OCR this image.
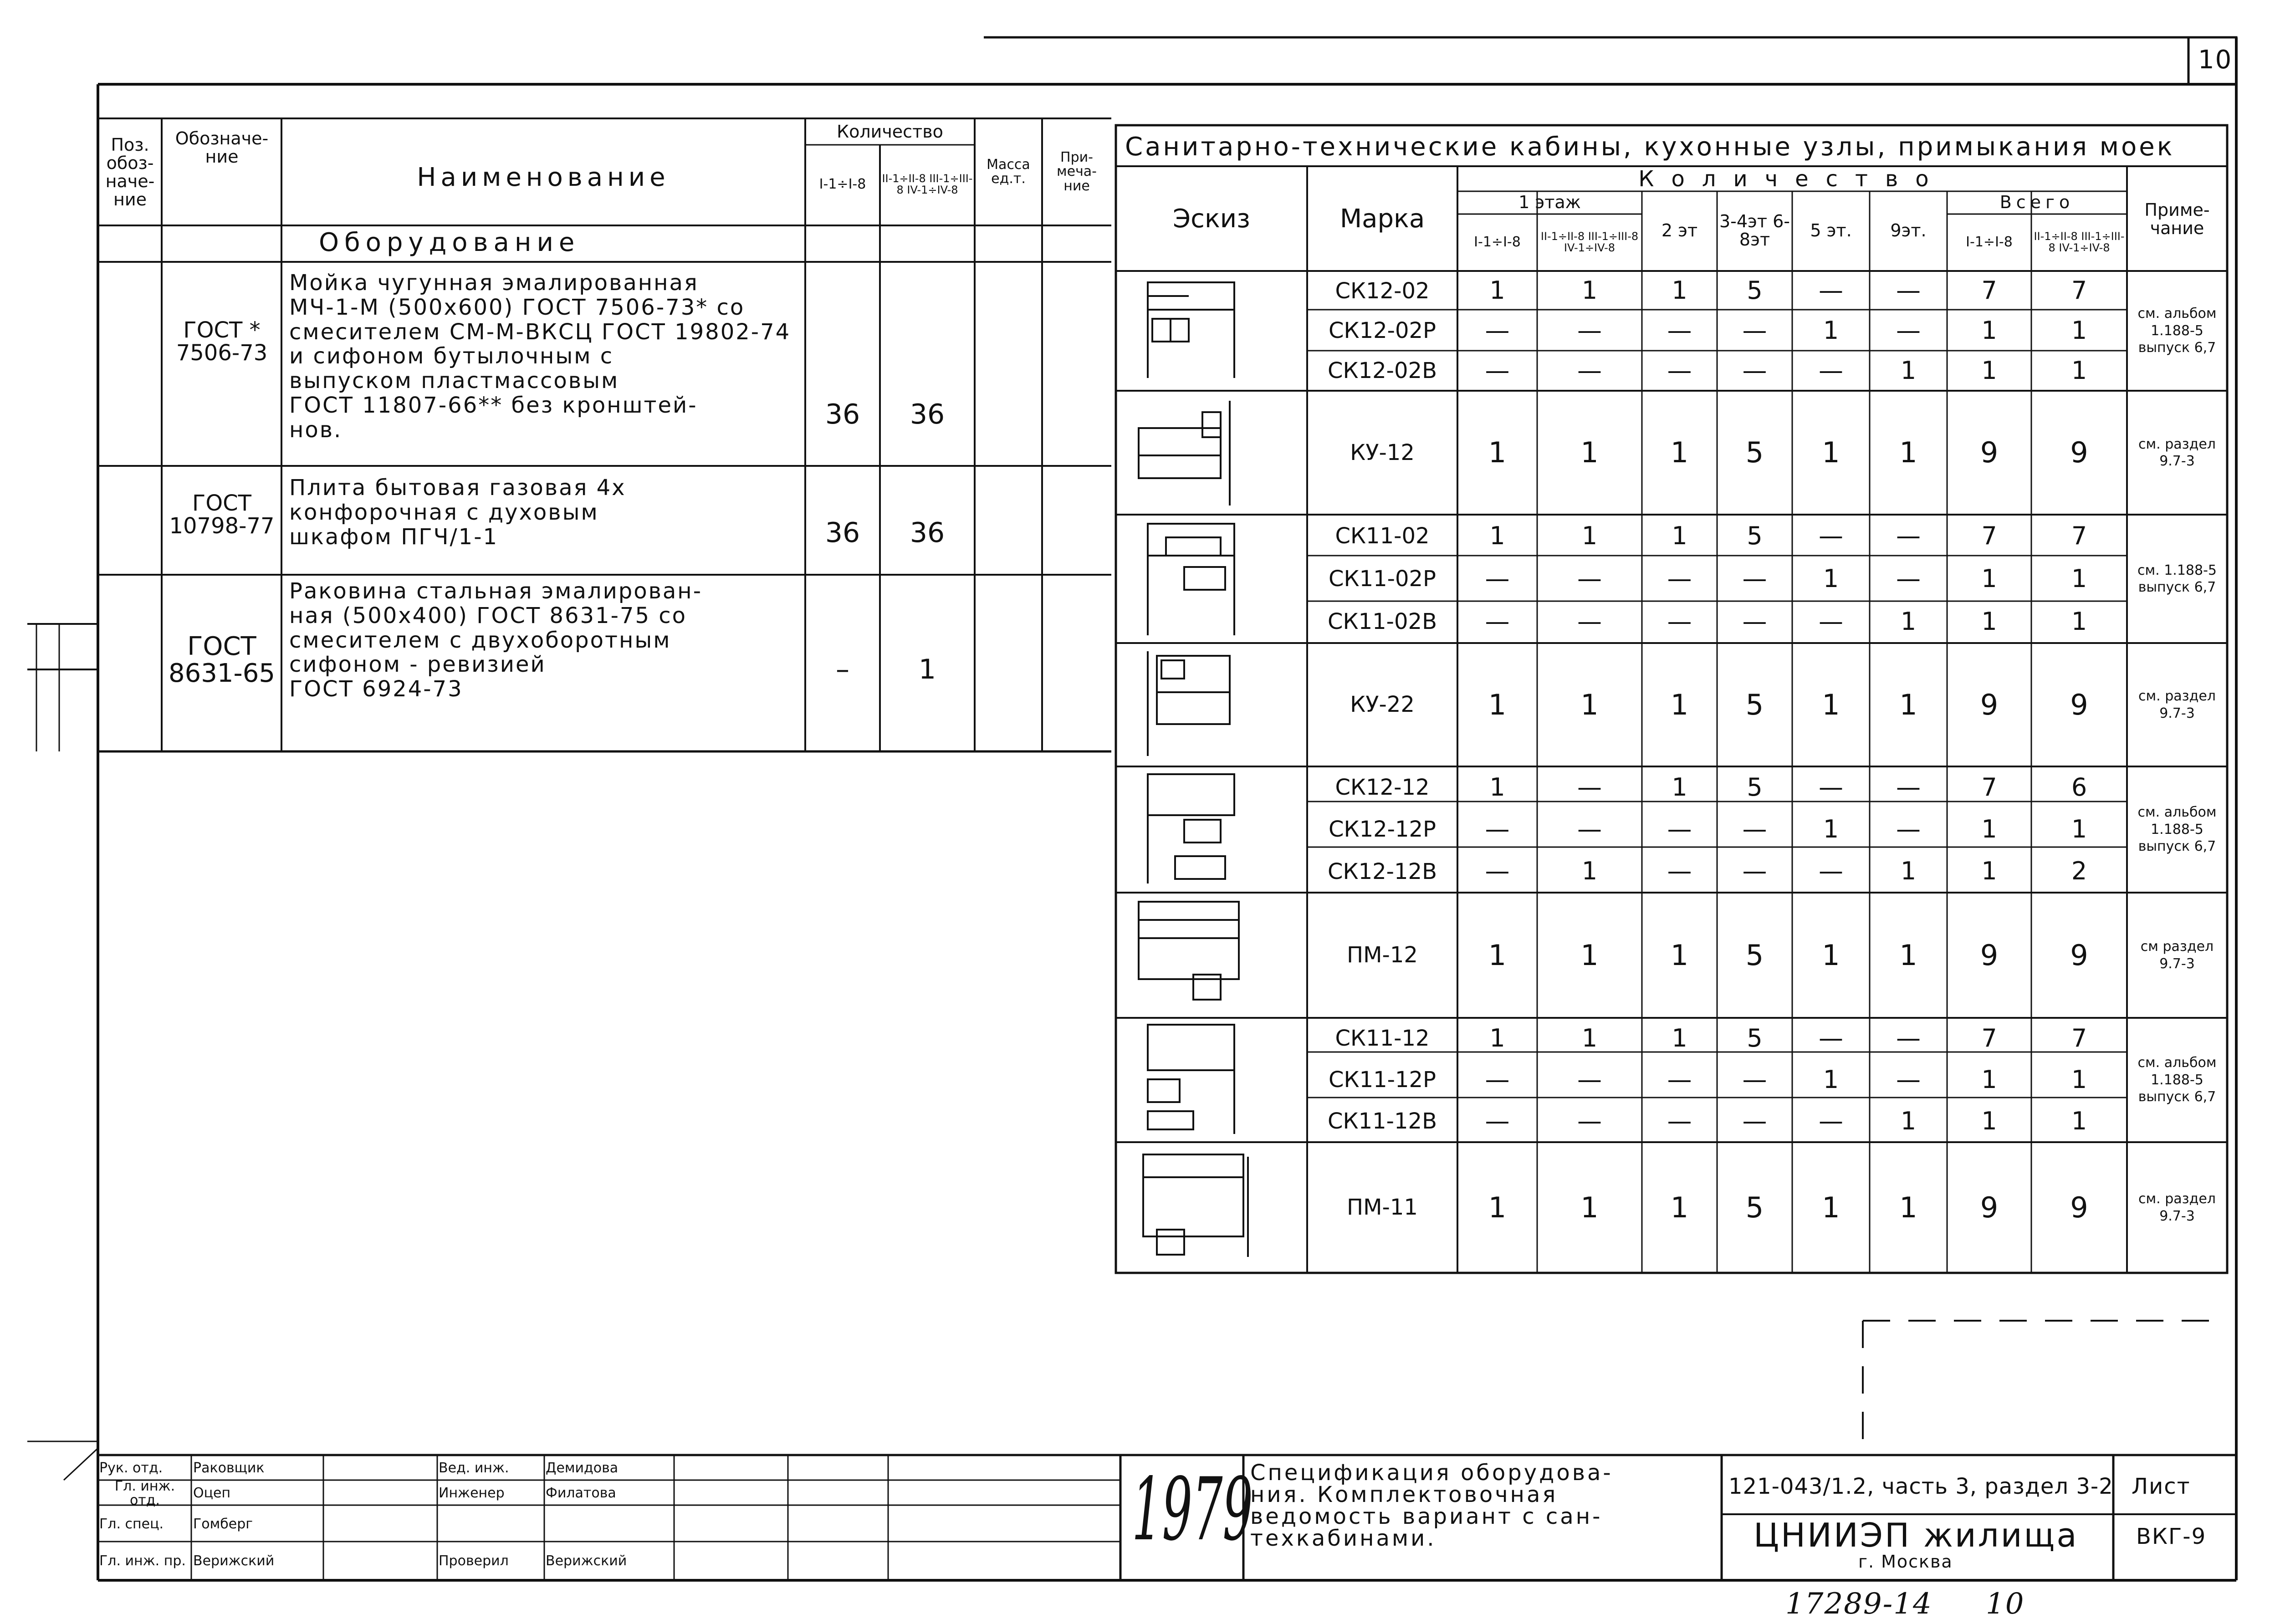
10
Поз. обоз- наче- ние
Обозначе- ние
Наименование
Количество
I-1÷I-8	II-1÷II-8 III-1÷III-8 IV-1÷IV-8
Масса ед.т.
При- меча- ние
Оборудование
ГОСТ * 7506-73
Мойка чугунная эмалированная
МЧ-1-М (500х600) ГОСТ 7506-73* со
смесителем СМ-М-ВКСЦ ГОСТ 19802-74
и сифоном бутылочным с
выпуском пластмассовым
ГОСТ 11807-66** без кронштей-
нов.	36	36
ГОСТ 10798-77
Плита бытовая газовая 4х
конфорочная с духовым
шкафом ПГЧ/1-1	36	36
ГОСТ 8631-65
Раковина стальная эмалирован-
ная (500х400) ГОСТ 8631-75 со
смесителем с двухоборотным
сифоном - ревизией
ГОСТ 6924-73
–	1
Санитарно-технические кабины, кухонные узлы, примыкания моек
Эскиз	Марка
Количество
1 этаж
I-1÷I-8	II-1÷II-8 III-1÷III-8 IV-1÷IV-8
2 эт	3-4эт 6-8эт	5 эт.	9эт.
Всего
I-1÷I-8	II-1÷II-8 III-1÷III-8 IV-1÷IV-8
Приме- чание
СК12-02	1	1	1	5	—	—	7	7
СК12-02Р	—	—	—	—	1	—	1	1
СК12-02В	—	—	—	—	—	1	1	1
см. альбом 1.188-5 выпуск 6,7
КУ-12	1	1	1	5	1	1	9	9	см. раздел 9.7-3
СК11-02	1	1	1	5	—	—	7	7
СК11-02Р	—	—	—	—	1	—	1	1
СК11-02В	—	—	—	—	—	1	1	1
см. 1.188-5 выпуск 6,7
КУ-22	1	1	1	5	1	1	9	9	см. раздел 9.7-3
СК12-12	1	—	1	5	—	—	7	6
СК12-12Р	—	—	—	—	1	—	1	1
СК12-12В	—	1	—	—	—	1	1	2
см. альбом 1.188-5 выпуск 6,7
ПМ-12	1	1	1	5	1	1	9	9	см раздел 9.7-3
СК11-12	1	1	1	5	—	—	7	7
СК11-12Р	—	—	—	—	1	—	1	1
СК11-12В	—	—	—	—	—	1	1	1
см. альбом 1.188-5 выпуск 6,7
ПМ-11	1	1	1	5	1	1	9	9	см. раздел 9.7-3
Рук. отд.	Раковщик	Вед. инж.	Демидова
Гл. инж. отд.	Оцеп	Инженер	Филатова
Гл. спец.	Гомберг
Гл. инж. пр. Верижский	Проверил	Верижский
1979
Спецификация оборудова-
ния. Комплектовочная
ведомость вариант с сан-
техкабинами.
121-043/1.2, часть 3, раздел 3-2
ЦНИИЭП жилища
г. Москва
Лист
ВКГ-9
17289-14 10
